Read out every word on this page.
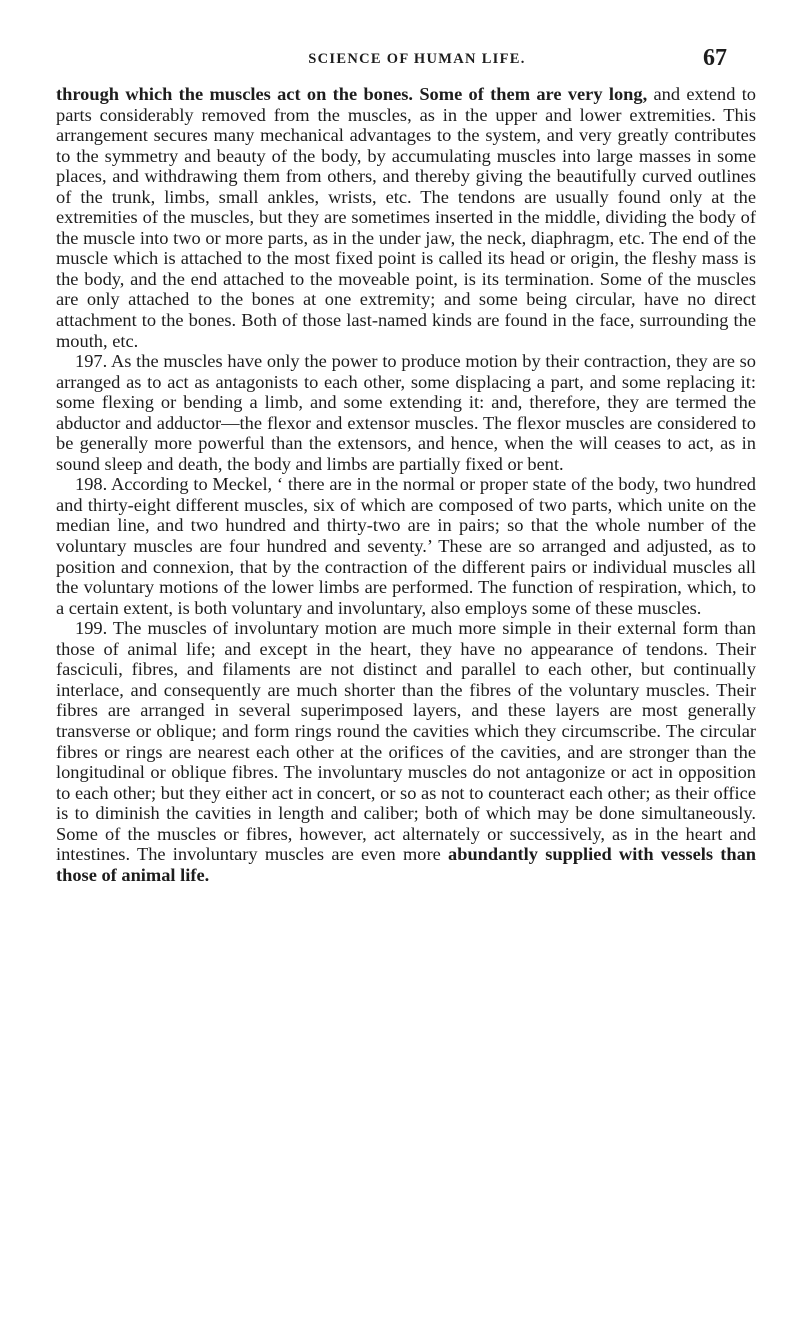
SCIENCE OF HUMAN LIFE.	67

through which the muscles act on the bones. Some of them are very long, and extend to parts considerably removed from the muscles, as in the upper and lower extremities. This arrangement secures many mechanical advantages to the system, and very greatly contributes to the symmetry and beauty of the body, by accumulating muscles into large masses in some places, and withdrawing them from others, and thereby giving the beautifully curved outlines of the trunk, limbs, small ankles, wrists, etc. The tendons are usually found only at the extremities of the muscles, but they are sometimes inserted in the middle, dividing the body of the muscle into two or more parts, as in the under jaw, the neck, diaphragm, etc. The end of the muscle which is attached to the most fixed point is called its head or origin, the fleshy mass is the body, and the end attached to the moveable point, is its termination. Some of the muscles are only attached to the bones at one extremity; and some being circular, have no direct attachment to the bones. Both of those last-named kinds are found in the face, surrounding the mouth, etc.

197. As the muscles have only the power to produce motion by their contraction, they are so arranged as to act as antagonists to each other, some displacing a part, and some replacing it: some flexing or bending a limb, and some extending it: and, therefore, they are termed the abductor and adductor—the flexor and extensor muscles. The flexor muscles are considered to be generally more powerful than the extensors, and hence, when the will ceases to act, as in sound sleep and death, the body and limbs are partially fixed or bent.

198. According to Meckel, ‘ there are in the normal or proper state of the body, two hundred and thirty-eight different muscles, six of which are composed of two parts, which unite on the median line, and two hundred and thirty-two are in pairs; so that the whole number of the voluntary muscles are four hundred and seventy.’ These are so arranged and adjusted, as to position and connexion, that by the contraction of the different pairs or individual muscles all the voluntary motions of the lower limbs are performed. The function of respiration, which, to a certain extent, is both voluntary and involuntary, also employs some of these muscles.

199. The muscles of involuntary motion are much more simple in their external form than those of animal life; and except in the heart, they have no appearance of tendons. Their fasciculi, fibres, and filaments are not distinct and parallel to each other, but continually interlace, and consequently are much shorter than the fibres of the voluntary muscles. Their fibres are arranged in several superimposed layers, and these layers are most generally transverse or oblique; and form rings round the cavities which they circumscribe. The circular fibres or rings are nearest each other at the orifices of the cavities, and are stronger than the longitudinal or oblique fibres. The involuntary muscles do not antagonize or act in opposition to each other; but they either act in concert, or so as not to counteract each other; as their office is to diminish the cavities in length and caliber; both of which may be done simultaneously. Some of the muscles or fibres, however, act alternately or successively, as in the heart and intestines. The involuntary muscles are even more abundantly supplied with vessels than those of animal life.
